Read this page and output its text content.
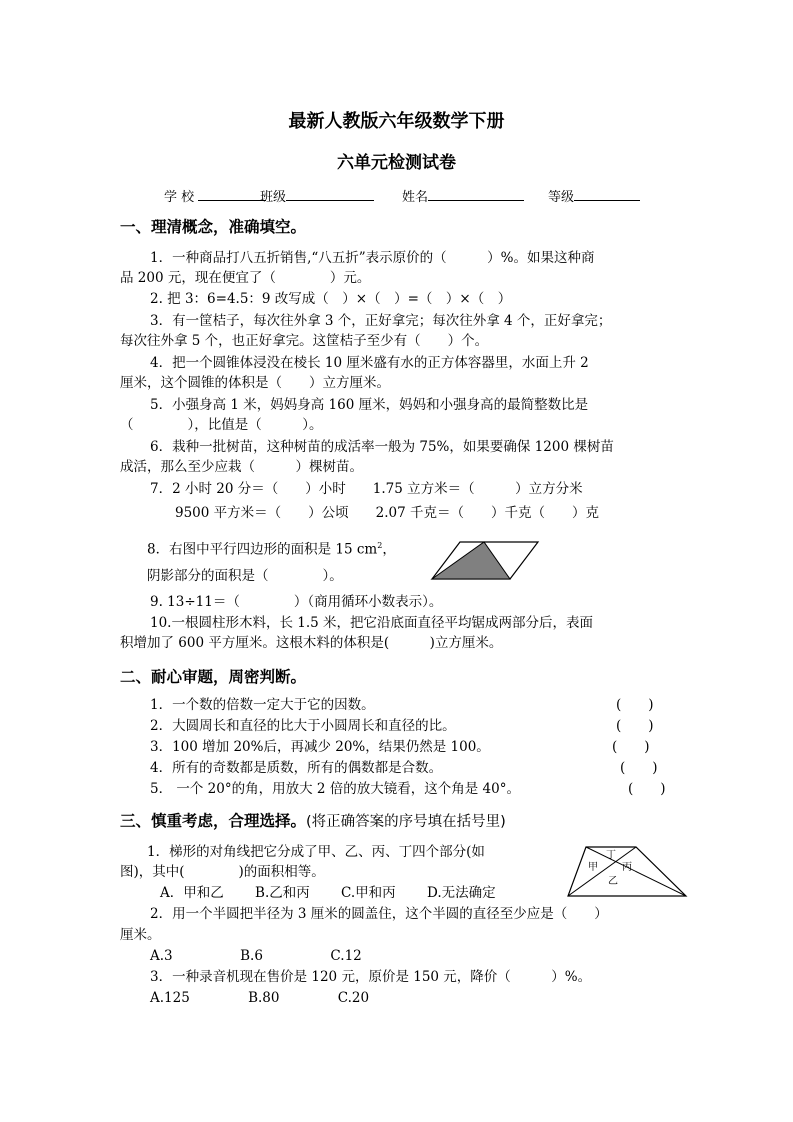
最新人教版六年级数学下册
六单元检测试卷
学 校	班级	姓名	等级
一、理清概念，准确填空。
1．一种商品打八五折销售,“八五折”表示原价的（　　　）%。如果这种商
品 200 元，现在便宜了（　　　　）元。
2. 把 3：6=4.5：9 改写成（　）×（　）=（　）×（　）
3．有一筐桔子，每次往外拿 3 个，正好拿完；每次往外拿 4 个，正好拿完；
每次往外拿 5 个，也正好拿完。这筐桔子至少有（　　）个。
4．把一个圆锥体浸没在棱长 10 厘米盛有水的正方体容器里，水面上升 2
厘米，这个圆锥的体积是（　　）立方厘米。
5．小强身高 1 米，妈妈身高 160 厘米，妈妈和小强身高的最简整数比是
（　　　　），比值是（　　　）。
6．栽种一批树苗，这种树苗的成活率一般为 75%，如果要确保 1200 棵树苗
成活，那么至少应栽（　　　）棵树苗。
7．2 小时 20 分＝（　　）小时　　1.75 立方米＝（　　　）立方分米
9500 平方米＝（　　）公顷　　2.07 千克＝（　　）千克（　　）克
8．右图中平行四边形的面积是 15 $cm^2$，
阴影部分的面积是（　　　　）。
9. 13÷11＝（　　　　）（商用循环小数表示）。
10.一根圆柱形木料，长 1.5 米，把它沿底面直径平均锯成两部分后，表面
积增加了 600 平方厘米。这根木料的体积是(　　　)立方厘米。
二、耐心审题，周密判断。
1．一个数的倍数一定大于它的因数。	(　　)
2．大圆周长和直径的比大于小圆周长和直径的比。	(　　)
3．100 增加 20%后，再减少 20%，结果仍然是 100。	(　　)
4．所有的奇数都是质数，所有的偶数都是合数。	(　　)
5． 一个 20°的角，用放大 2 倍的放大镜看，这个角是 40°。	(　　)
三、慎重考虑，合理选择。(将正确答案的序号填在括号里)
1．梯形的对角线把它分成了甲、乙、丙、丁四个部分(如
图)，其中(　　　　)的面积相等。
A．甲和乙　　 B.乙和丙　　 C.甲和丙　　 D.无法确定
丁
甲 丙
乙
2．用一个半圆把半径为 3 厘米的圆盖住，这个半圆的直径至少应是（　　）
厘米。
A.3　　　　　B.6　　　　　C.12
3．一种录音机现在售价是 120 元，原价是 150 元，降价（　　　）%。
A.125　　　　 B.80　　　　 C.20
